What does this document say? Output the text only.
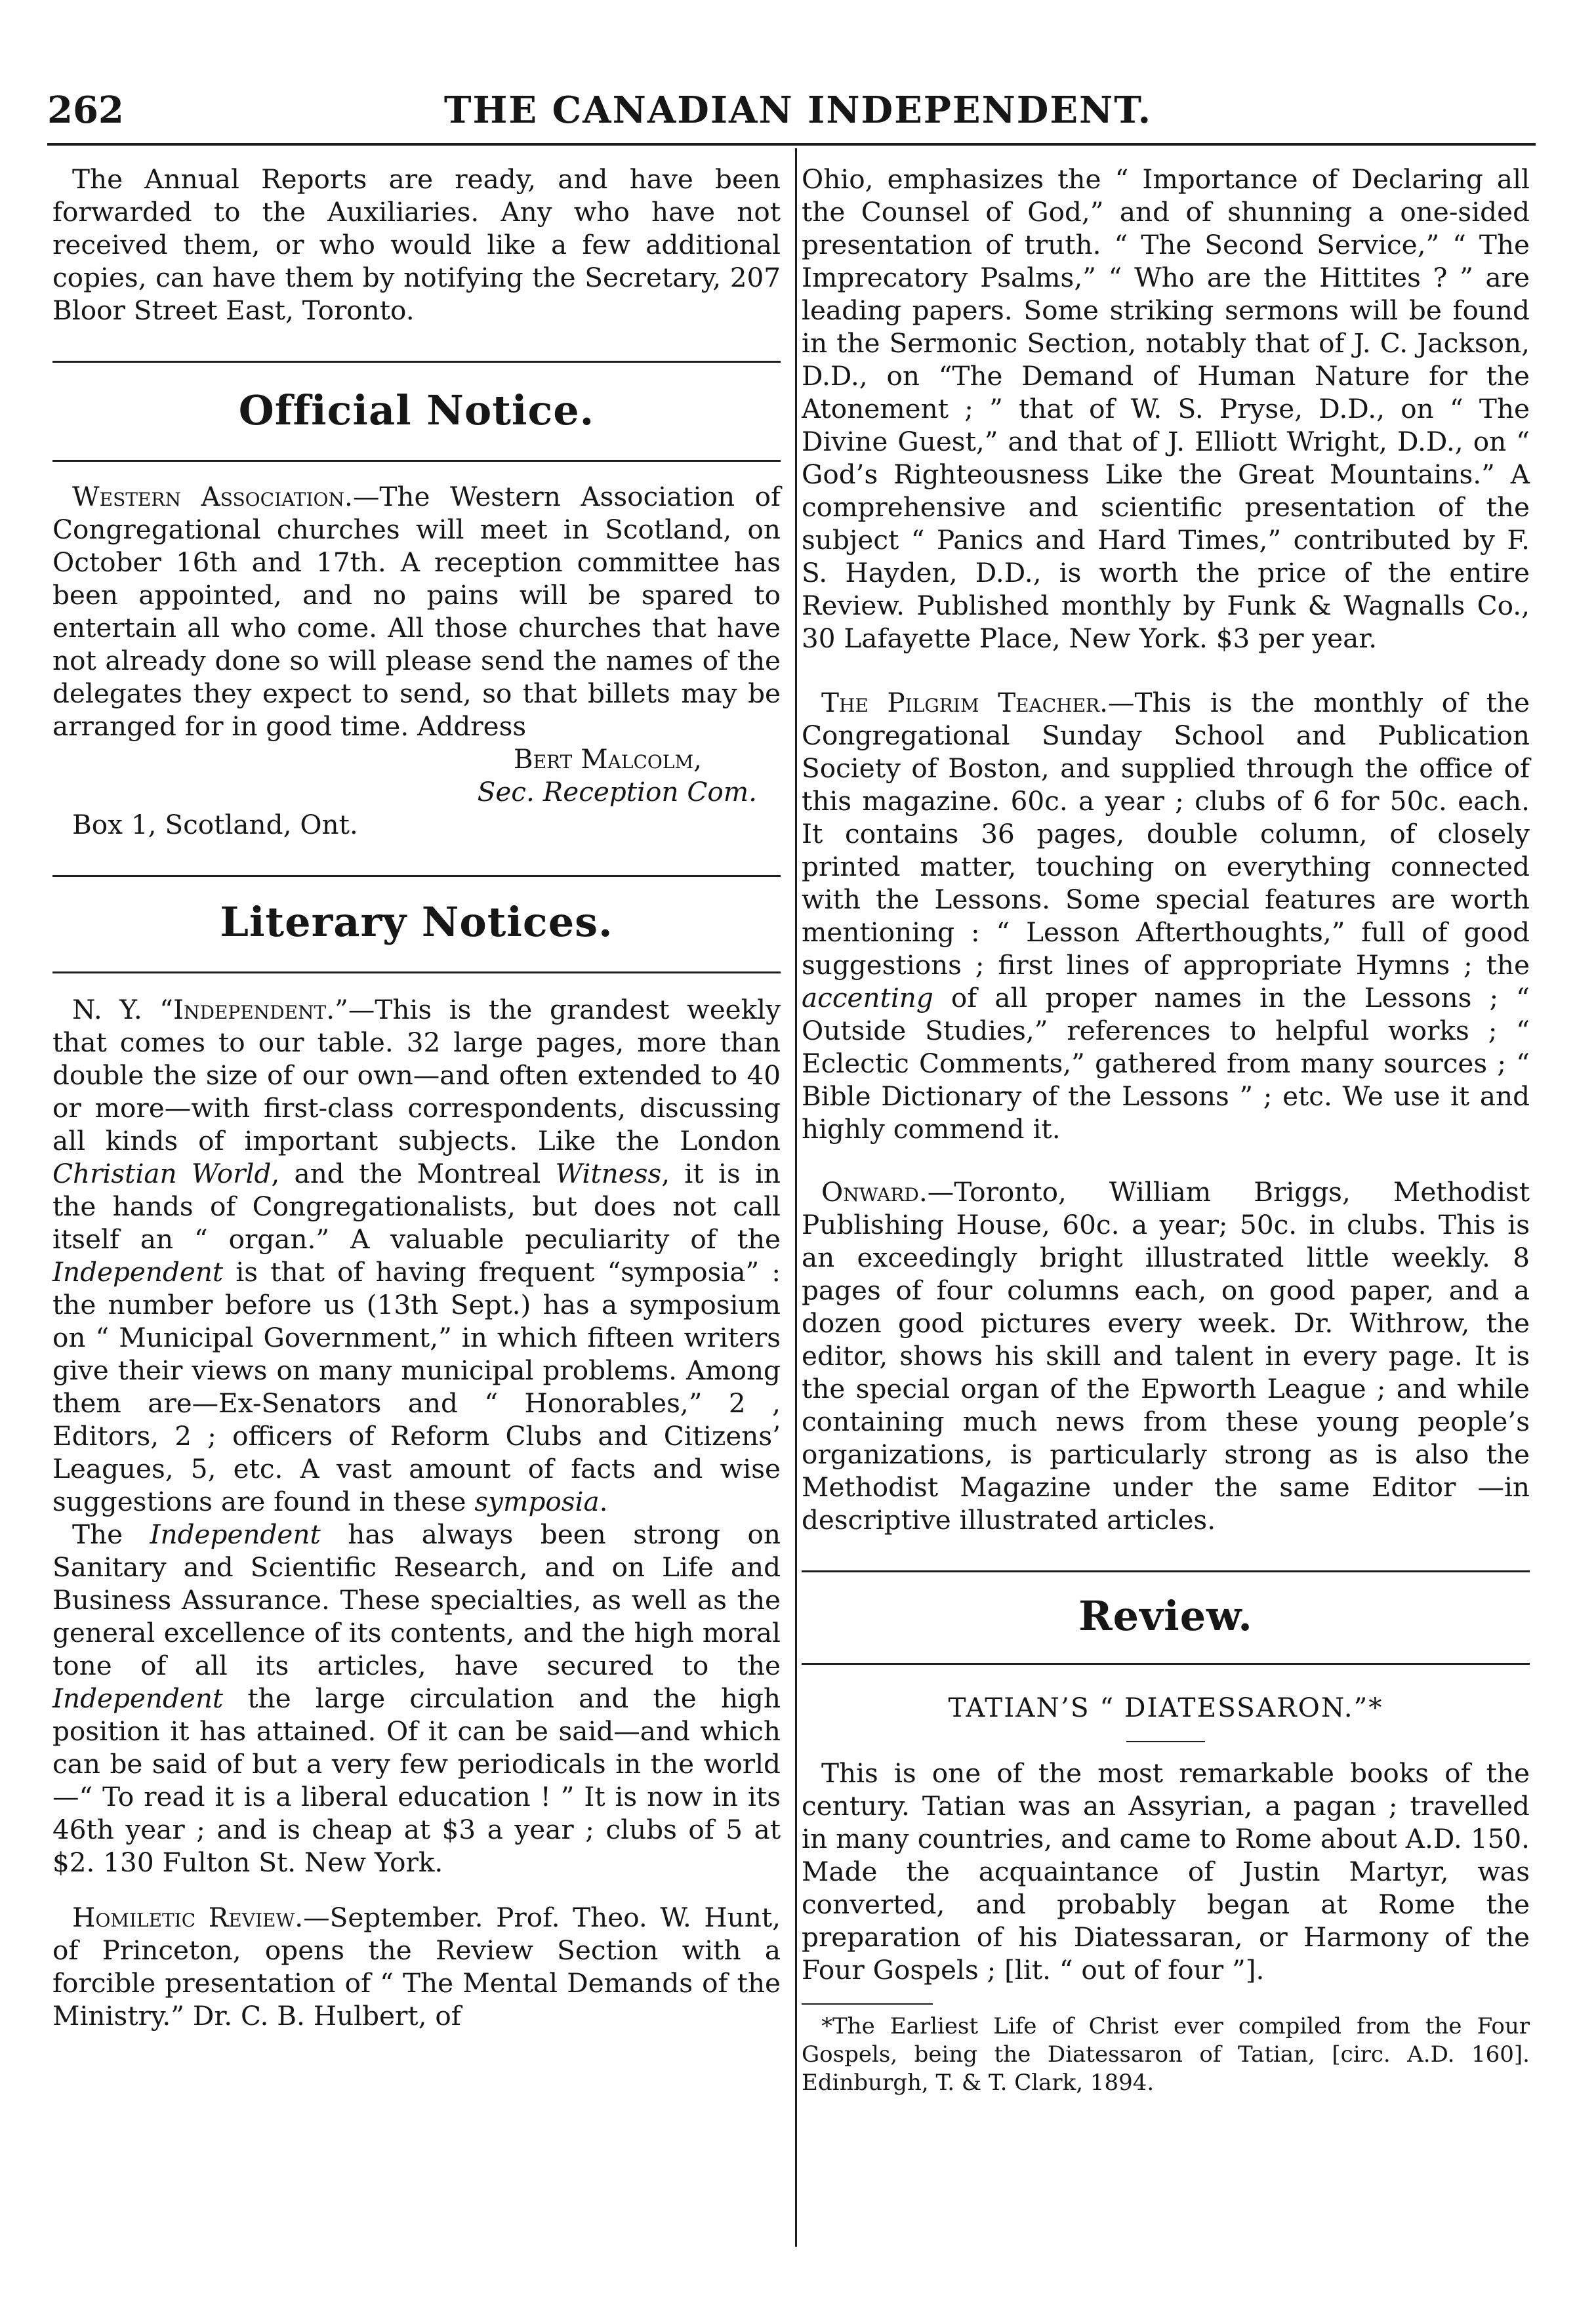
262	THE CANADIAN INDEPENDENT.

The Annual Reports are ready, and have been forwarded to the Auxiliaries. Any who have not received them, or who would like a few additional copies, can have them by notifying the Secretary, 207 Bloor Street East, Toronto.

Official Notice.

Western Association.—The Western Association of Congregational churches will meet in Scotland, on October 16th and 17th. A reception committee has been appointed, and no pains will be spared to entertain all who come. All those churches that have not already done so will please send the names of the delegates they expect to send, so that billets may be arranged for in good time. Address

Bert Malcolm,

Sec. Reception Com.

Box 1, Scotland, Ont.

Literary Notices.

N. Y. “Independent.”—This is the grandest weekly that comes to our table. 32 large pages, more than double the size of our own—and often extended to 40 or more—with first-class correspondents, discussing all kinds of important subjects. Like the London Christian World, and the Montreal Witness, it is in the hands of Congregationalists, but does not call itself an “ organ.” A valuable peculiarity of the Independent is that of having frequent “symposia” : the number before us (13th Sept.) has a symposium on “ Municipal Government,” in which fifteen writers give their views on many municipal problems. Among them are—Ex-Senators and “ Honorables,” 2 , Editors, 2 ; officers of Reform Clubs and Citizens’ Leagues, 5, etc. A vast amount of facts and wise suggestions are found in these symposia.

The Independent has always been strong on Sanitary and Scientific Research, and on Life and Business Assurance. These specialties, as well as the general excellence of its contents, and the high moral tone of all its articles, have secured to the Independent the large circulation and the high position it has attained. Of it can be said—and which can be said of but a very few periodicals in the world—“ To read it is a liberal education ! ” It is now in its 46th year ; and is cheap at $3 a year ; clubs of 5 at $2. 130 Fulton St. New York.

Homiletic Review.—September. Prof. Theo. W. Hunt, of Princeton, opens the Review Section with a forcible presentation of “ The Mental Demands of the Ministry.” Dr. C. B. Hulbert, of

Ohio, emphasizes the “ Importance of Declaring all the Counsel of God,” and of shunning a one-sided presentation of truth. “ The Second Service,” “ The Imprecatory Psalms,” “ Who are the Hittites ? ” are leading papers. Some striking sermons will be found in the Sermonic Section, notably that of J. C. Jackson, D.D., on “The Demand of Human Nature for the Atonement ; ” that of W. S. Pryse, D.D., on “ The Divine Guest,” and that of J. Elliott Wright, D.D., on “ God’s Righteousness Like the Great Mountains.” A comprehensive and scientific presentation of the subject “ Panics and Hard Times,” contributed by F. S. Hayden, D.D., is worth the price of the entire Review. Published monthly by Funk & Wagnalls Co., 30 Lafayette Place, New York. $3 per year.

The Pilgrim Teacher.—This is the monthly of the Congregational Sunday School and Publication Society of Boston, and supplied through the office of this magazine. 60c. a year ; clubs of 6 for 50c. each. It contains 36 pages, double column, of closely printed matter, touching on everything connected with the Lessons. Some special features are worth mentioning : “ Lesson Afterthoughts,” full of good suggestions ; first lines of appropriate Hymns ; the accenting of all proper names in the Lessons ; “ Outside Studies,” references to helpful works ; “ Eclectic Comments,” gathered from many sources ; “ Bible Dictionary of the Lessons ” ; etc. We use it and highly commend it.

Onward.—Toronto, William Briggs, Methodist Publishing House, 60c. a year; 50c. in clubs. This is an exceedingly bright illustrated little weekly. 8 pages of four columns each, on good paper, and a dozen good pictures every week. Dr. Withrow, the editor, shows his skill and talent in every page. It is the special organ of the Epworth League ; and while containing much news from these young people’s organizations, is particularly strong as is also the Methodist Magazine under the same Editor —in descriptive illustrated articles.

Review.

TATIAN’S “ DIATESSARON.”*

This is one of the most remarkable books of the century. Tatian was an Assyrian, a pagan ; travelled in many countries, and came to Rome about A.D. 150. Made the acquaintance of Justin Martyr, was converted, and probably began at Rome the preparation of his Diatessaran, or Harmony of the Four Gospels ; [lit. “ out of four ”].

*The Earliest Life of Christ ever compiled from the Four Gospels, being the Diatessaron of Tatian, [circ. A.D. 160]. Edinburgh, T. & T. Clark, 1894.
